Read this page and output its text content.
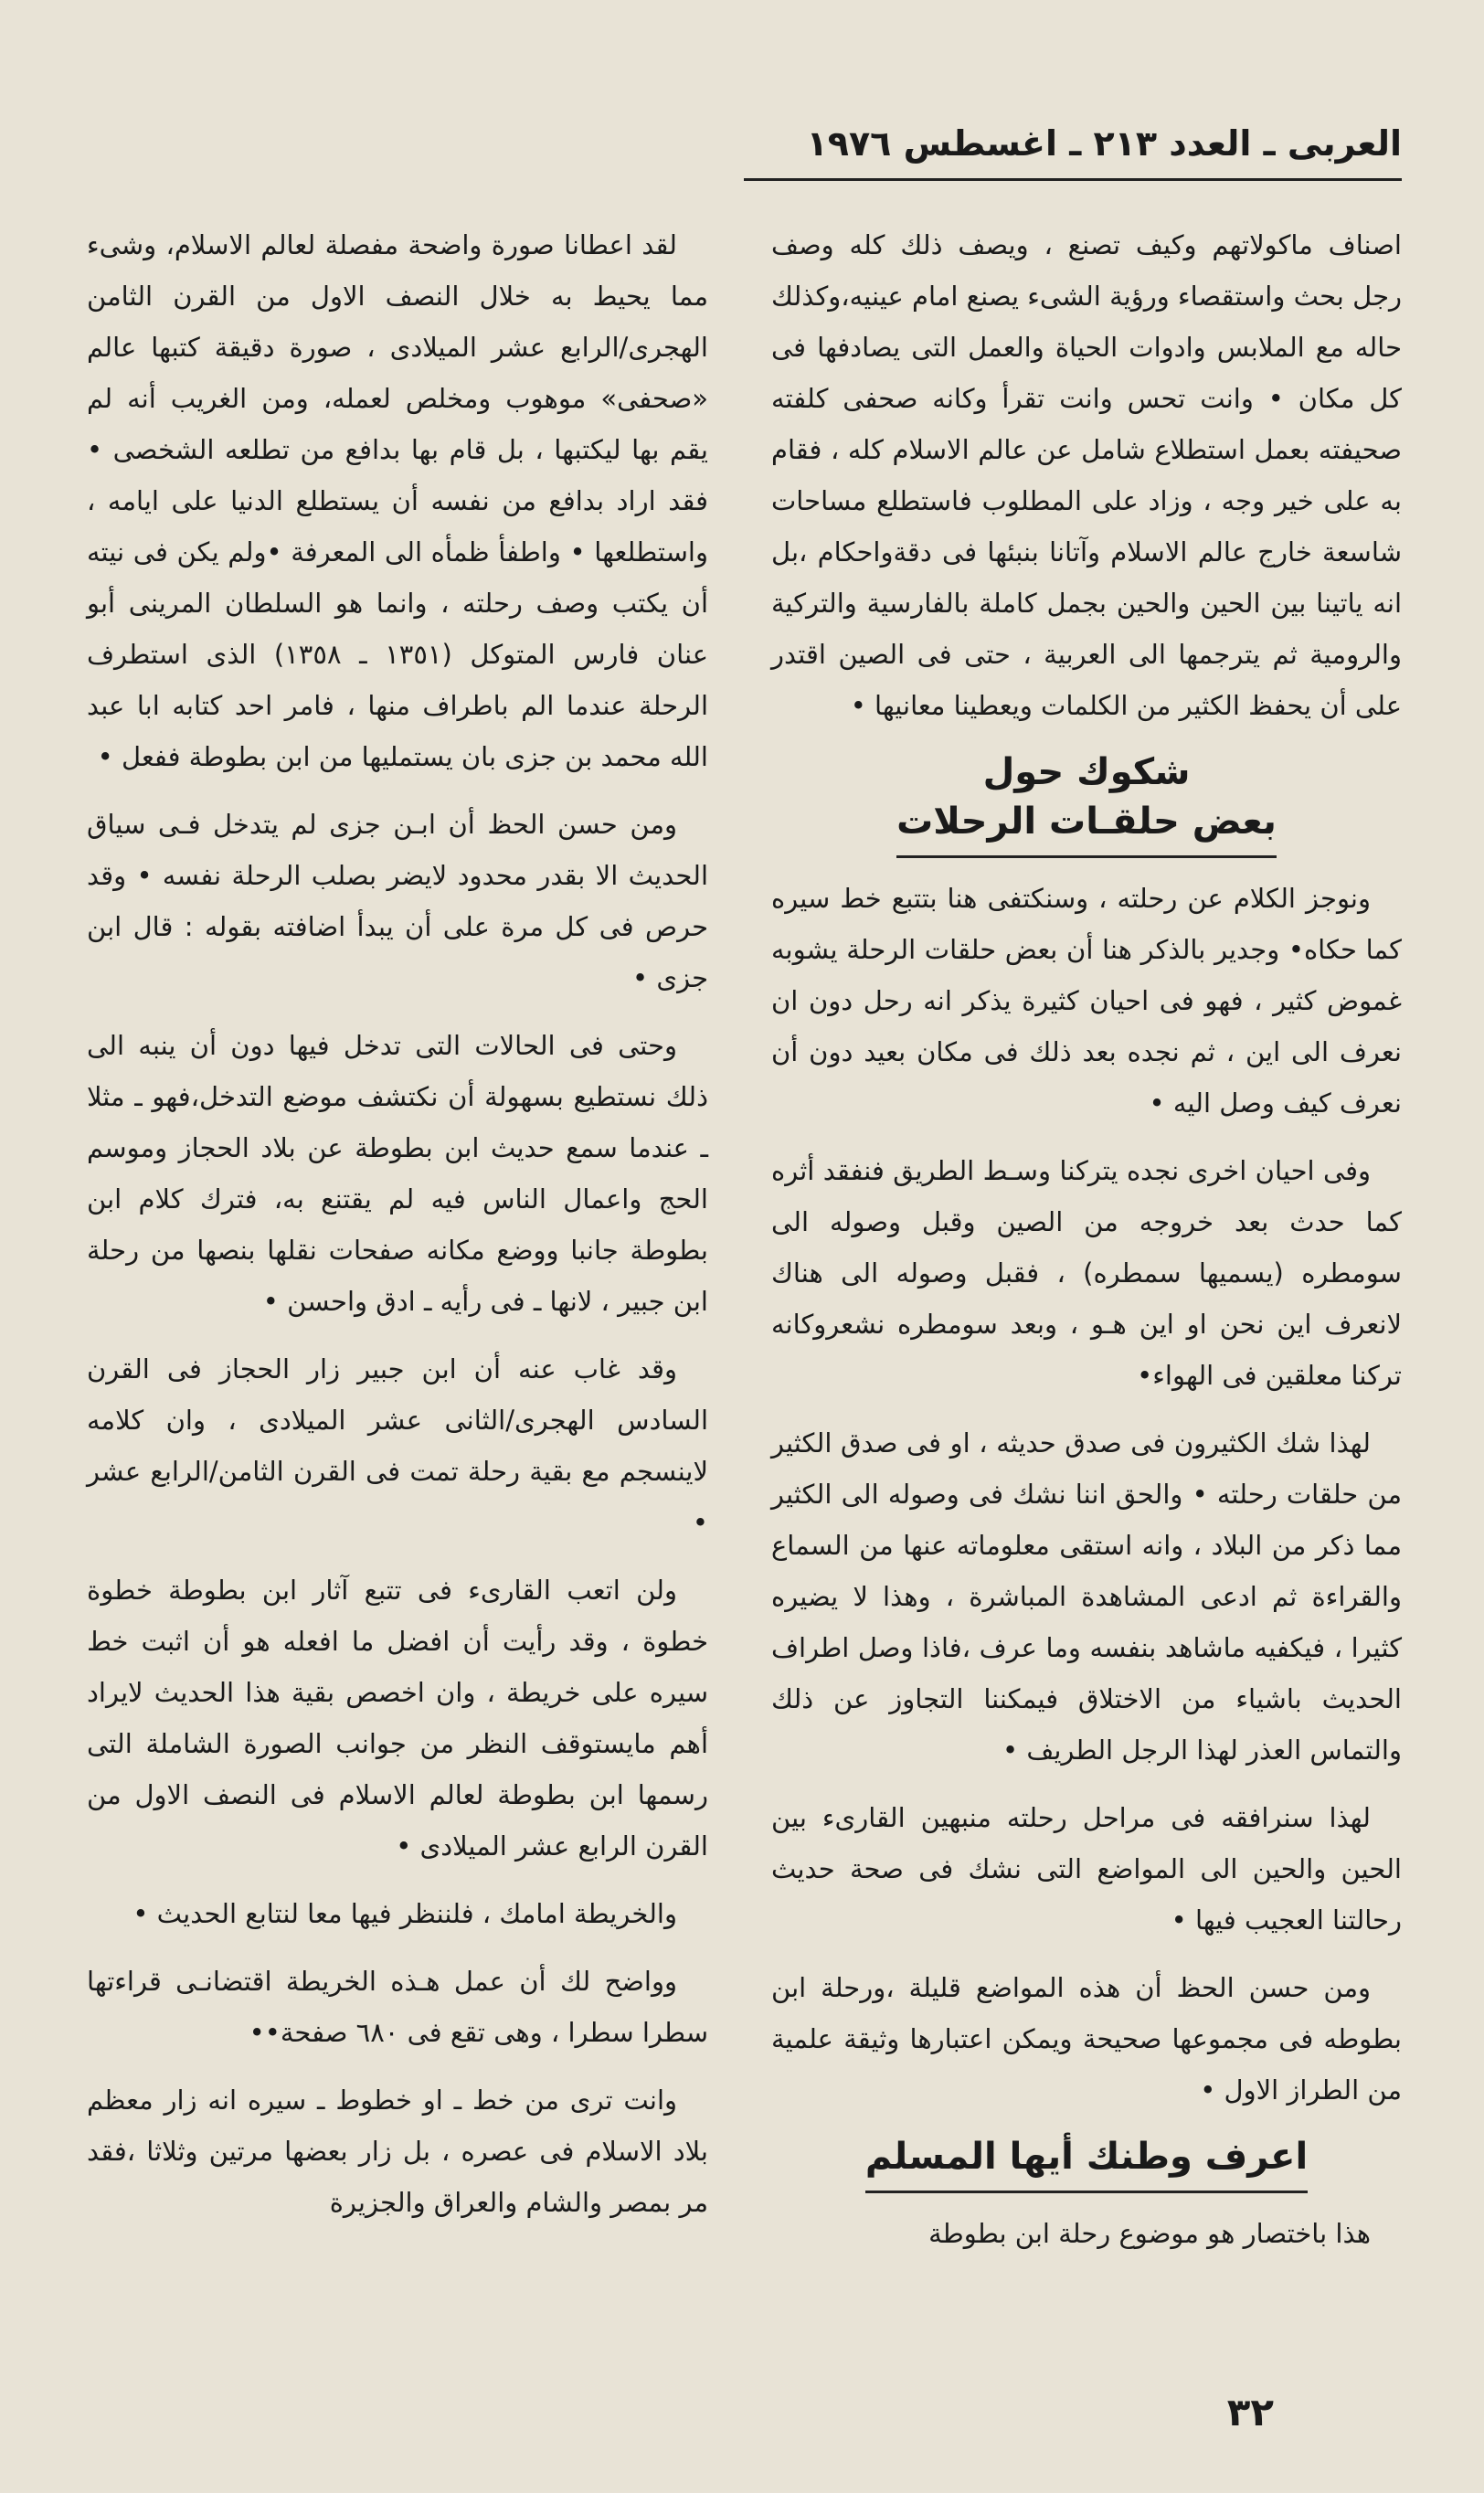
العربى ـ العدد ٢١٣ ـ اغسطس ١٩٧٦

اصناف ماكولاتهم وكيف تصنع ، ويصف ذلك كله وصف رجل بحث واستقصاء ورؤية الشىء يصنع امام عينيه،وكذلك حاله مع الملابس وادوات الحياة والعمل التى يصادفها فى كل مكان • وانت تحس وانت تقرأ وكانه صحفى كلفته صحيفته بعمل استطلاع شامل عن عالم الاسلام كله ، فقام به على خير وجه ، وزاد على المطلوب فاستطلع مساحات شاسعة خارج عالم الاسلام وآتانا بنبئها فى دقةواحكام ،بل انه ياتينا بين الحين والحين بجمل كاملة بالفارسية والتركية والرومية ثم يترجمها الى العربية ، حتى فى الصين اقتدر على أن يحفظ الكثير من الكلمات ويعطينا معانيها •

شكوك حول
بعض حلقـات الرحلات

ونوجز الكلام عن رحلته ، وسنكتفى هنا بتتبع خط سيره كما حكاه• وجدير بالذكر هنا أن بعض حلقات الرحلة يشوبه غموض كثير ، فهو فى احيان كثيرة يذكر انه رحل دون ان نعرف الى اين ، ثم نجده بعد ذلك فى مكان بعيد دون أن نعرف كيف وصل اليه •

وفى احيان اخرى نجده يتركنا وسـط الطريق فنفقد أثره كما حدث بعد خروجه من الصين وقبل وصوله الى سومطره (يسميها سمطره) ، فقبل وصوله الى هناك لانعرف اين نحن او اين هـو ، وبعد سومطره نشعروكانه تركنا معلقين فى الهواء•

لهذا شك الكثيرون فى صدق حديثه ، او فى صدق الكثير من حلقات رحلته • والحق اننا نشك فى وصوله الى الكثير مما ذكر من البلاد ، وانه استقى معلوماته عنها من السماع والقراءة ثم ادعى المشاهدة المباشرة ، وهذا لا يضيره كثيرا ، فيكفيه ماشاهد بنفسه وما عرف ،فاذا وصل اطراف الحديث باشياء من الاختلاق فيمكننا التجاوز عن ذلك والتماس العذر لهذا الرجل الطريف •

لهذا سنرافقه فى مراحل رحلته منبهين القارىء بين الحين والحين الى المواضع التى نشك فى صحة حديث رحالتنا العجيب فيها •

ومن حسن الحظ أن هذه المواضع قليلة ،ورحلة ابن بطوطه فى مجموعها صحيحة ويمكن اعتبارها وثيقة علمية من الطراز الاول •

اعرف وطنك أيها المسلم

هذا باختصار هو موضوع رحلة ابن بطوطة

لقد اعطانا صورة واضحة مفصلة لعالم الاسلام، وشىء مما يحيط به خلال النصف الاول من القرن الثامن الهجرى/الرابع عشر الميلادى ، صورة دقيقة كتبها عالم «صحفى» موهوب ومخلص لعمله، ومن الغريب أنه لم يقم بها ليكتبها ، بل قام بها بدافع من تطلعه الشخصى • فقد اراد بدافع من نفسه أن يستطلع الدنيا على ايامه ، واستطلعها • واطفأ ظمأه الى المعرفة •ولم يكن فى نيته أن يكتب وصف رحلته ، وانما هو السلطان المرينى أبو عنان فارس المتوكل (١٣٥١ ـ ١٣٥٨) الذى استطرف الرحلة عندما الم باطراف منها ، فامر احد كتابه ابا عبد الله محمد بن جزى بان يستمليها من ابن بطوطة ففعل •

ومن حسن الحظ أن ابـن جزى لم يتدخل فـى سياق الحديث الا بقدر محدود لايضر بصلب الرحلة نفسه • وقد حرص فى كل مرة على أن يبدأ اضافته بقوله : قال ابن جزى •

وحتى فى الحالات التى تدخل فيها دون أن ينبه الى ذلك نستطيع بسهولة أن نكتشف موضع التدخل،فهو ـ مثلا ـ عندما سمع حديث ابن بطوطة عن بلاد الحجاز وموسم الحج واعمال الناس فيه لم يقتنع به، فترك كلام ابن بطوطة جانبا ووضع مكانه صفحات نقلها بنصها من رحلة ابن جبير ، لانها ـ فى رأيه ـ ادق واحسن •

وقد غاب عنه أن ابن جبير زار الحجاز فى القرن السادس الهجرى/الثانى عشر الميلادى ، وان كلامه لاينسجم مع بقية رحلة تمت فى القرن الثامن/الرابع عشر •

ولن اتعب القارىء فى تتبع آثار ابن بطوطة خطوة خطوة ، وقد رأيت أن افضل ما افعله هو أن اثبت خط سيره على خريطة ، وان اخصص بقية هذا الحديث لايراد أهم مايستوقف النظر من جوانب الصورة الشاملة التى رسمها ابن بطوطة لعالم الاسلام فى النصف الاول من القرن الرابع عشر الميلادى •

والخريطة امامك ، فلننظر فيها معا لنتابع الحديث •

وواضح لك أن عمل هـذه الخريطة اقتضانـى قراءتها سطرا سطرا ، وهى تقع فى ٦٨٠ صفحة••

وانت ترى من خط ـ او خطوط ـ سيره انه زار معظم بلاد الاسلام فى عصره ، بل زار بعضها مرتين وثلاثا ،فقد مر بمصر والشام والعراق والجزيرة

٣٢
